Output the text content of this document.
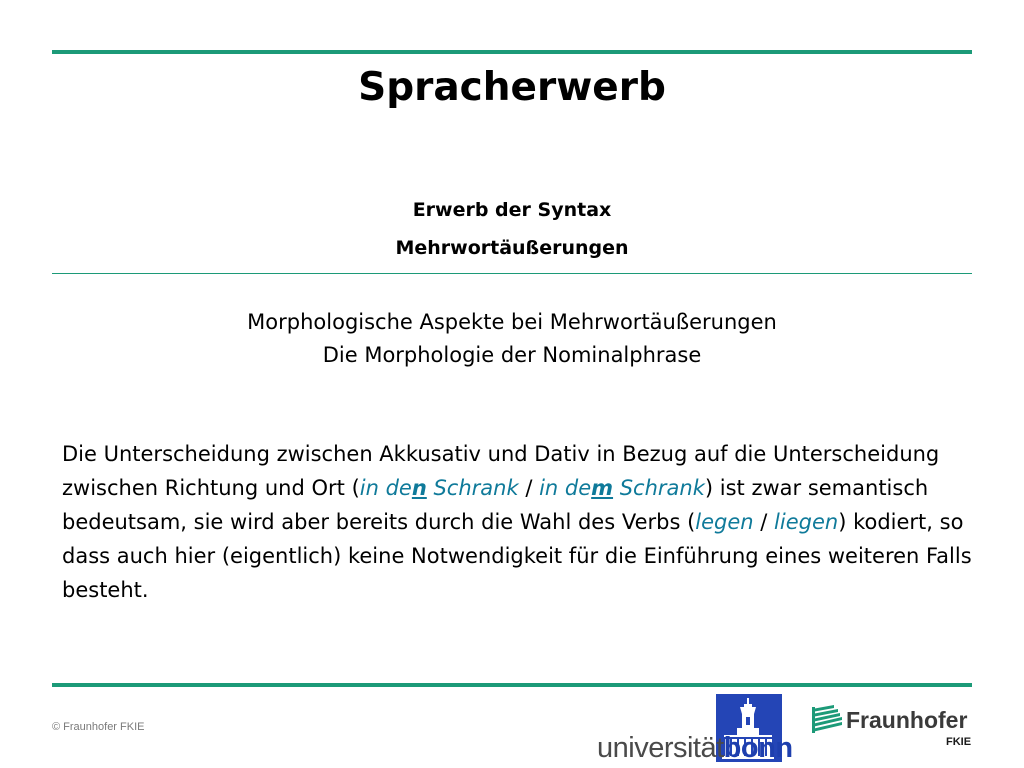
Spracherwerb
Erwerb der Syntax
Mehrwortäußerungen
Morphologische Aspekte bei Mehrwortäußerungen
Die Morphologie der Nominalphrase
Die Unterscheidung zwischen Akkusativ und Dativ in Bezug auf die Unterscheidung zwischen Richtung und Ort (in den Schrank / in dem Schrank) ist zwar semantisch bedeutsam, sie wird aber bereits durch die Wahl des Verbs (legen / liegen) kodiert, so dass auch hier (eigentlich) keine Notwendigkeit für die Einführung eines weiteren Falls besteht.
© Fraunhofer FKIE
universitätbonn
Fraunhofer
FKIE
